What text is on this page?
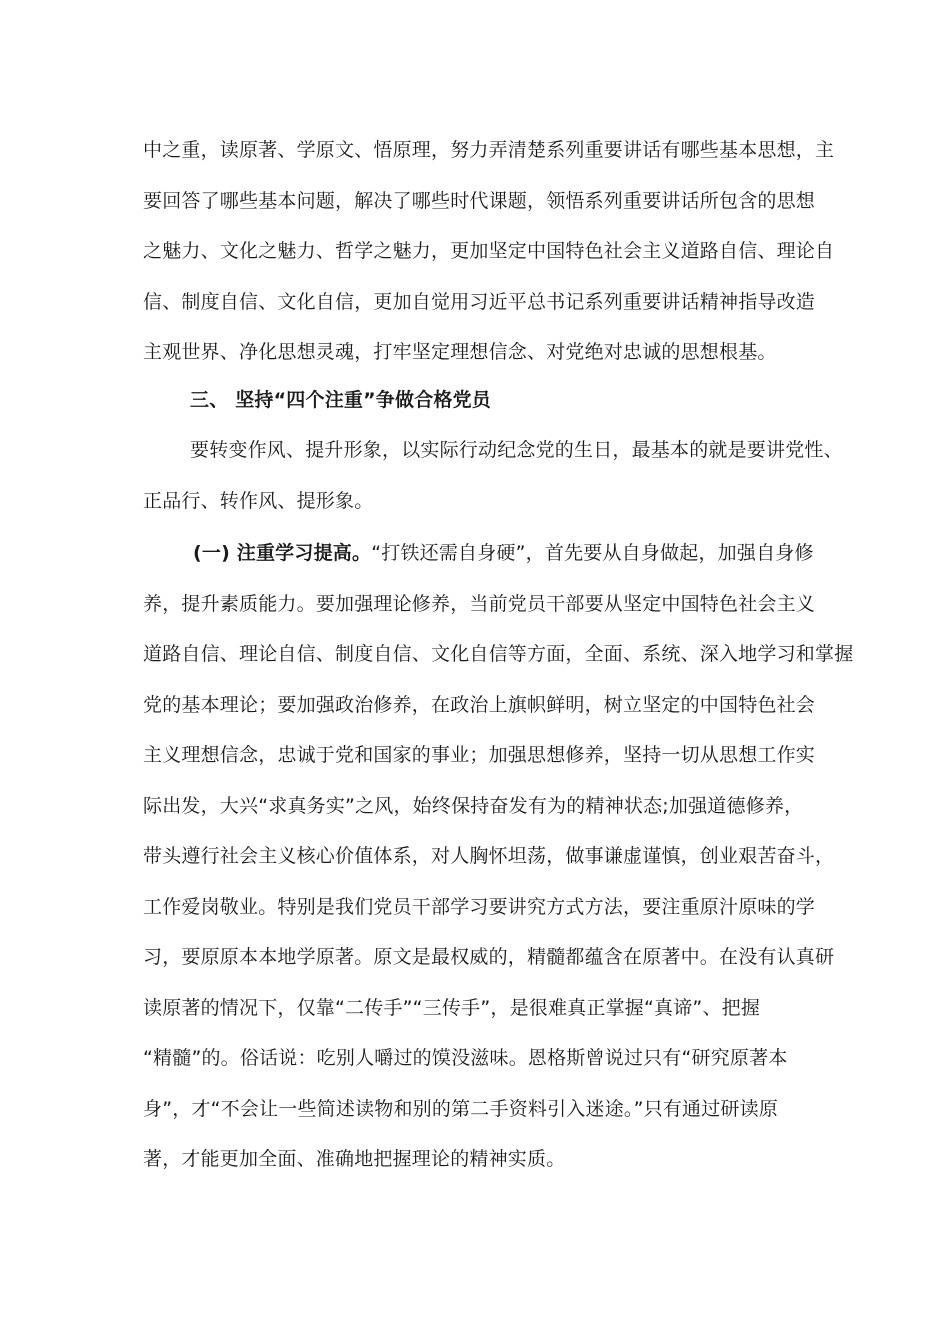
中之重，读原著、学原文、悟原理，努力弄清楚系列重要讲话有哪些基本思想，主
要回答了哪些基本问题，解决了哪些时代课题，领悟系列重要讲话所包含的思想
之魅力、文化之魅力、哲学之魅力，更加坚定中国特色社会主义道路自信、理论自
信、制度自信、文化自信，更加自觉用习近平总书记系列重要讲话精神指导改造
主观世界、净化思想灵魂，打牢坚定理想信念、对党绝对忠诚的思想根基。
三、 坚持“四个注重”争做合格党员
要转变作风、提升形象，以实际行动纪念党的生日，最基本的就是要讲党性、
正品行、转作风、提形象。
(一) 注重学习提高。“打铁还需自身硬”，首先要从自身做起，加强自身修
养，提升素质能力。要加强理论修养，当前党员干部要从坚定中国特色社会主义
道路自信、理论自信、制度自信、文化自信等方面，全面、系统、深入地学习和掌握
党的基本理论；要加强政治修养，在政治上旗帜鲜明，树立坚定的中国特色社会
主义理想信念，忠诚于党和国家的事业；加强思想修养，坚持一切从思想工作实
际出发，大兴“求真务实”之风，始终保持奋发有为的精神状态;加强道德修养，
带头遵行社会主义核心价值体系，对人胸怀坦荡，做事谦虚谨慎，创业艰苦奋斗，
工作爱岗敬业。特别是我们党员干部学习要讲究方式方法，要注重原汁原味的学
习，要原原本本地学原著。原文是最权威的，精髓都蕴含在原著中。在没有认真研
读原著的情况下，仅靠“二传手”“三传手”，是很难真正掌握“真谛”、把握
“精髓”的。俗话说：吃别人嚼过的馍没滋味。恩格斯曾说过只有“研究原著本
身”，才“不会让一些简述读物和别的第二手资料引入迷途。”只有通过研读原
著，才能更加全面、准确地把握理论的精神实质。
